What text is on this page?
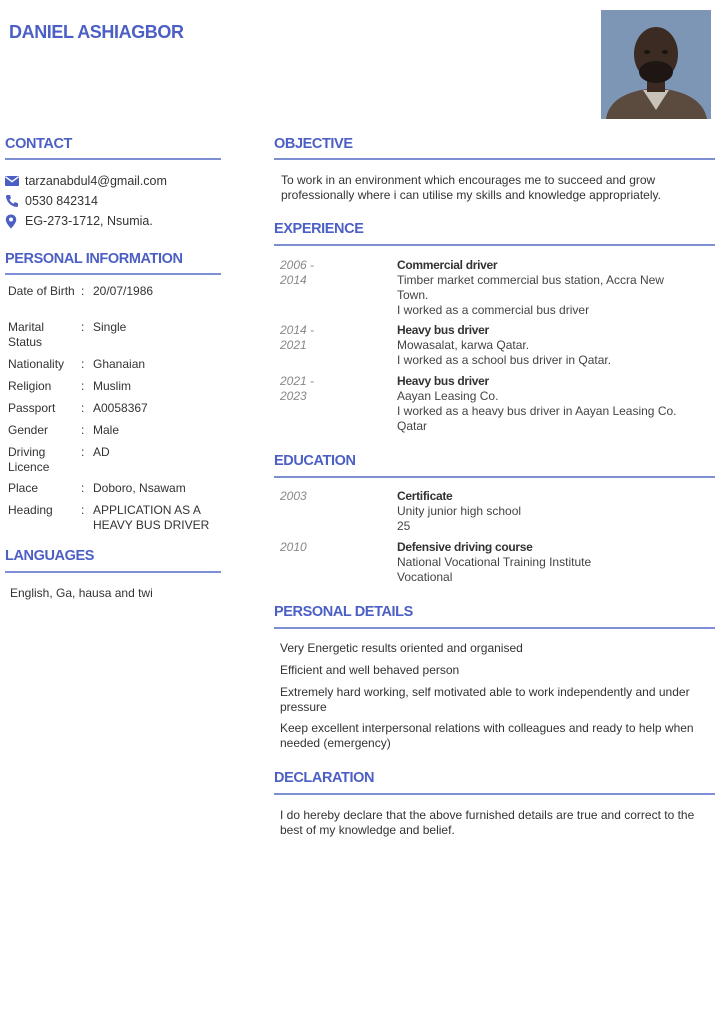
DANIEL ASHIAGBOR
CONTACT
tarzanabdul4@gmail.com
0530 842314
EG-273-1712, Nsumia.
PERSONAL INFORMATION
Date of Birth : 20/07/1986
Marital Status
: Single
Nationality	: Ghanaian
Religion	: Muslim
Passport	: A0058367
Gender	: Male
Driving Licence
: AD
Place	: Doboro, Nsawam
Heading	: APPLICATION AS A HEAVY BUS DRIVER
LANGUAGES
English, Ga, hausa and twi
OBJECTIVE
To work in an environment which encourages me to succeed and grow professionally where i can utilise my skills and knowledge appropriately.
EXPERIENCE
2006 - 2014
Commercial driver
Timber market commercial bus station, Accra New Town.
I worked as a commercial bus driver
2014 - 2021
Heavy bus driver
Mowasalat, karwa Qatar.
I worked as a school bus driver in Qatar.
2021 - 2023
Heavy bus driver
Aayan Leasing Co.
I worked as a heavy bus driver in Aayan Leasing Co. Qatar
EDUCATION
2003	Certificate
Unity junior high school
25
2010	Defensive driving course
National Vocational Training Institute
Vocational
PERSONAL DETAILS
Very Energetic results oriented and organised
Efficient and well behaved person
Extremely hard working, self motivated able to work independently and under pressure
Keep excellent interpersonal relations with colleagues and ready to help when needed (emergency)
DECLARATION
I do hereby declare that the above furnished details are true and correct to the best of my knowledge and belief.
